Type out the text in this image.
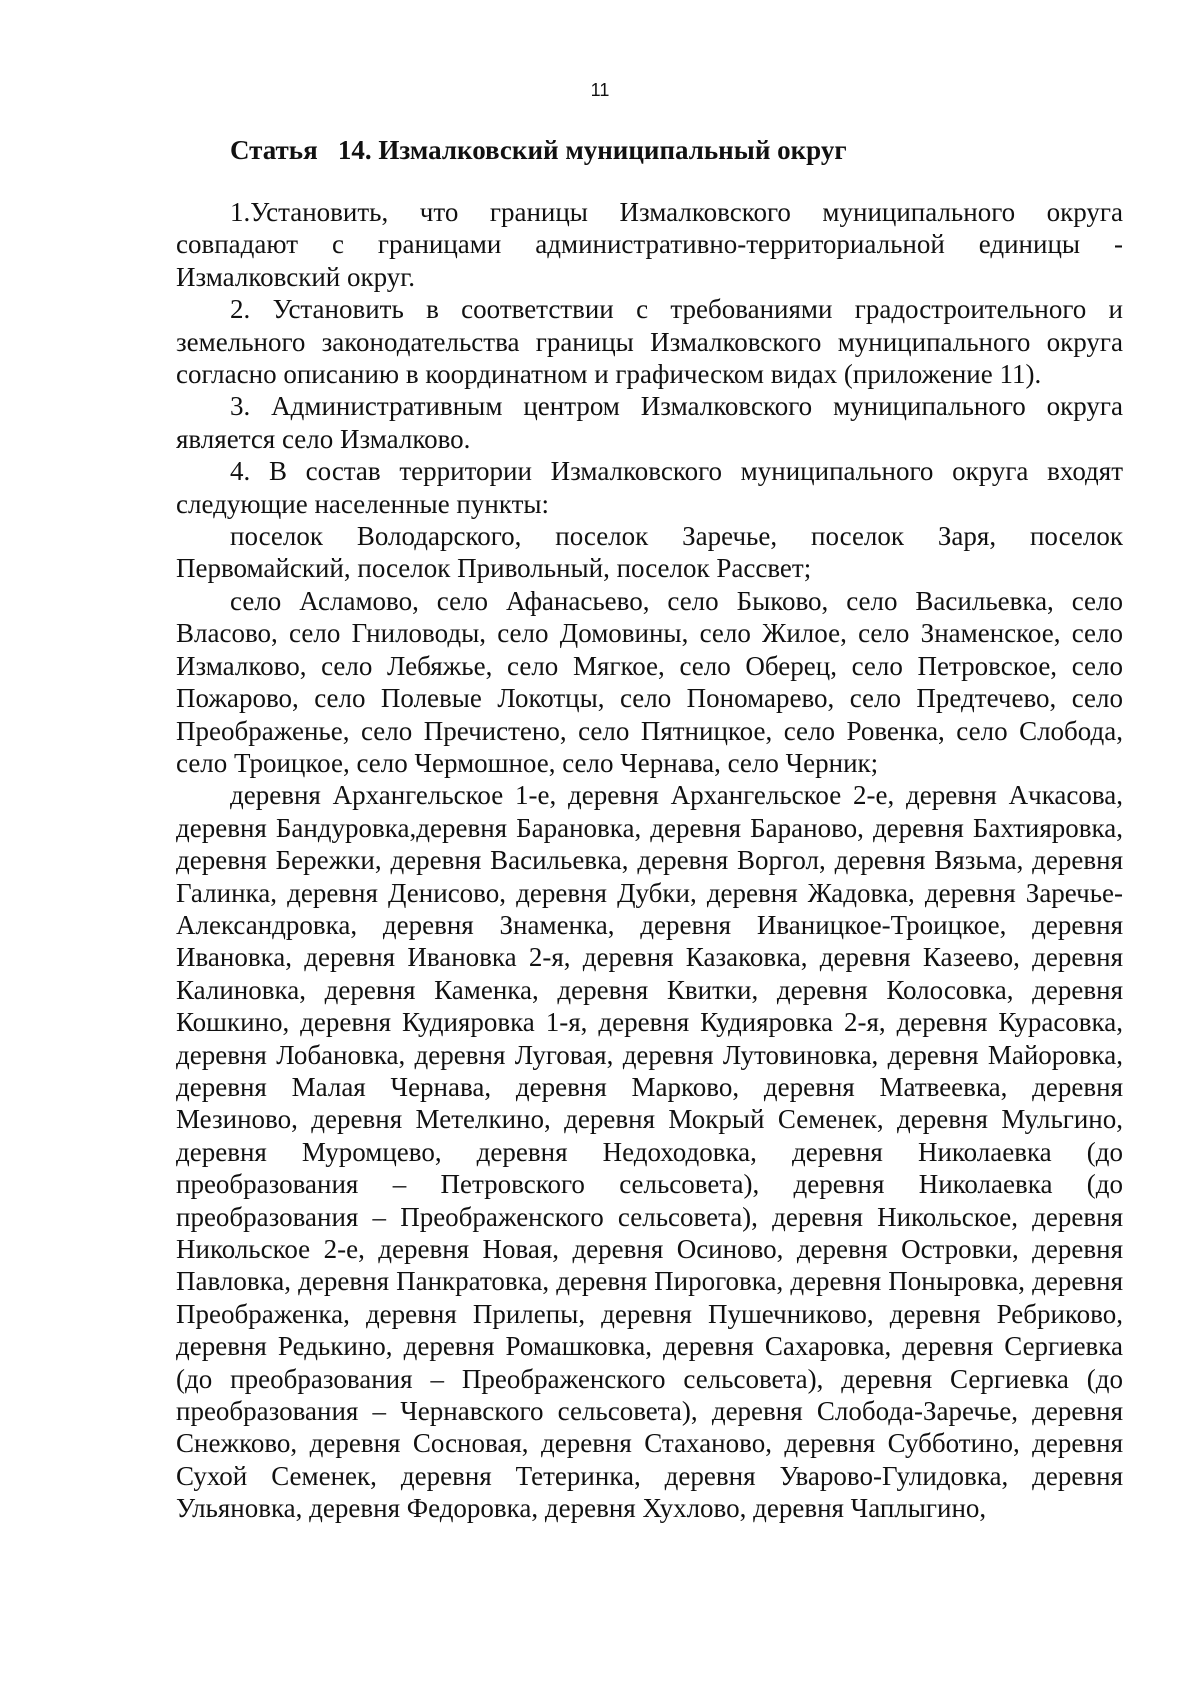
11
Статья   14. Измалковский муниципальный округ

1.Установить, что границы Измалковского муниципального округа совпадают с границами административно-территориальной единицы - Измалковский округ.

2. Установить в соответствии с требованиями градостроительного и земельного законодательства границы Измалковского муниципального округа согласно описанию в координатном и графическом видах (приложение 11).

3. Административным центром Измалковского муниципального округа является село Измалково.

4. В состав территории Измалковского муниципального округа входят следующие населенные пункты:

поселок Володарского, поселок Заречье, поселок Заря, поселок Первомайский, поселок Привольный, поселок Рассвет;

село Асламово, село Афанасьево, село Быково, село Васильевка, село Власово, село Гниловоды, село Домовины, село Жилое, село Знаменское, село Измалково, село Лебяжье, село Мягкое, село Оберец, село Петровское, село Пожарово, село Полевые Локотцы, село Пономарево, село Предтечево, село Преображенье, село Пречистено, село Пятницкое, село Ровенка, село Слобода, село Троицкое, село Чермошное, село Чернава, село Черник;

деревня Архангельское 1-е, деревня Архангельское 2-е, деревня Ачкасова, деревня Бандуровка,деревня Барановка, деревня Бараново, деревня Бахтияровка, деревня Бережки, деревня Васильевка, деревня Воргол, деревня Вязьма, деревня Галинка, деревня Денисово, деревня Дубки, деревня Жадовка, деревня Заречье-Александровка, деревня Знаменка, деревня Иваницкое-Троицкое, деревня Ивановка, деревня Ивановка 2-я, деревня Казаковка, деревня Казеево, деревня Калиновка, деревня Каменка, деревня Квитки, деревня Колосовка, деревня Кошкино, деревня Кудияровка 1-я, деревня Кудияровка 2-я, деревня Курасовка, деревня Лобановка, деревня Луговая, деревня Лутовиновка, деревня Майоровка, деревня Малая Чернава, деревня Марково, деревня Матвеевка, деревня Мезиново, деревня Метелкино, деревня Мокрый Семенек, деревня Мульгино, деревня Муромцево, деревня Недоходовка, деревня Николаевка (до преобразования – Петровского сельсовета), деревня Николаевка (до преобразования – Преображенского сельсовета), деревня Никольское, деревня Никольское 2-е, деревня Новая, деревня Осиново, деревня Островки, деревня Павловка, деревня Панкратовка, деревня Пироговка, деревня Поныровка, деревня Преображенка, деревня Прилепы, деревня Пушечниково, деревня Ребриково, деревня Редькино, деревня Ромашковка, деревня Сахаровка, деревня Сергиевка (до преобразования – Преображенского сельсовета), деревня Сергиевка (до преобразования – Чернавского сельсовета), деревня Слобода-Заречье, деревня Снежково, деревня Сосновая, деревня Стаханово, деревня Субботино, деревня Сухой Семенек, деревня Тетеринка, деревня Уварово-Гулидовка, деревня Ульяновка, деревня Федоровка, деревня Хухлово, деревня Чаплыгино,
